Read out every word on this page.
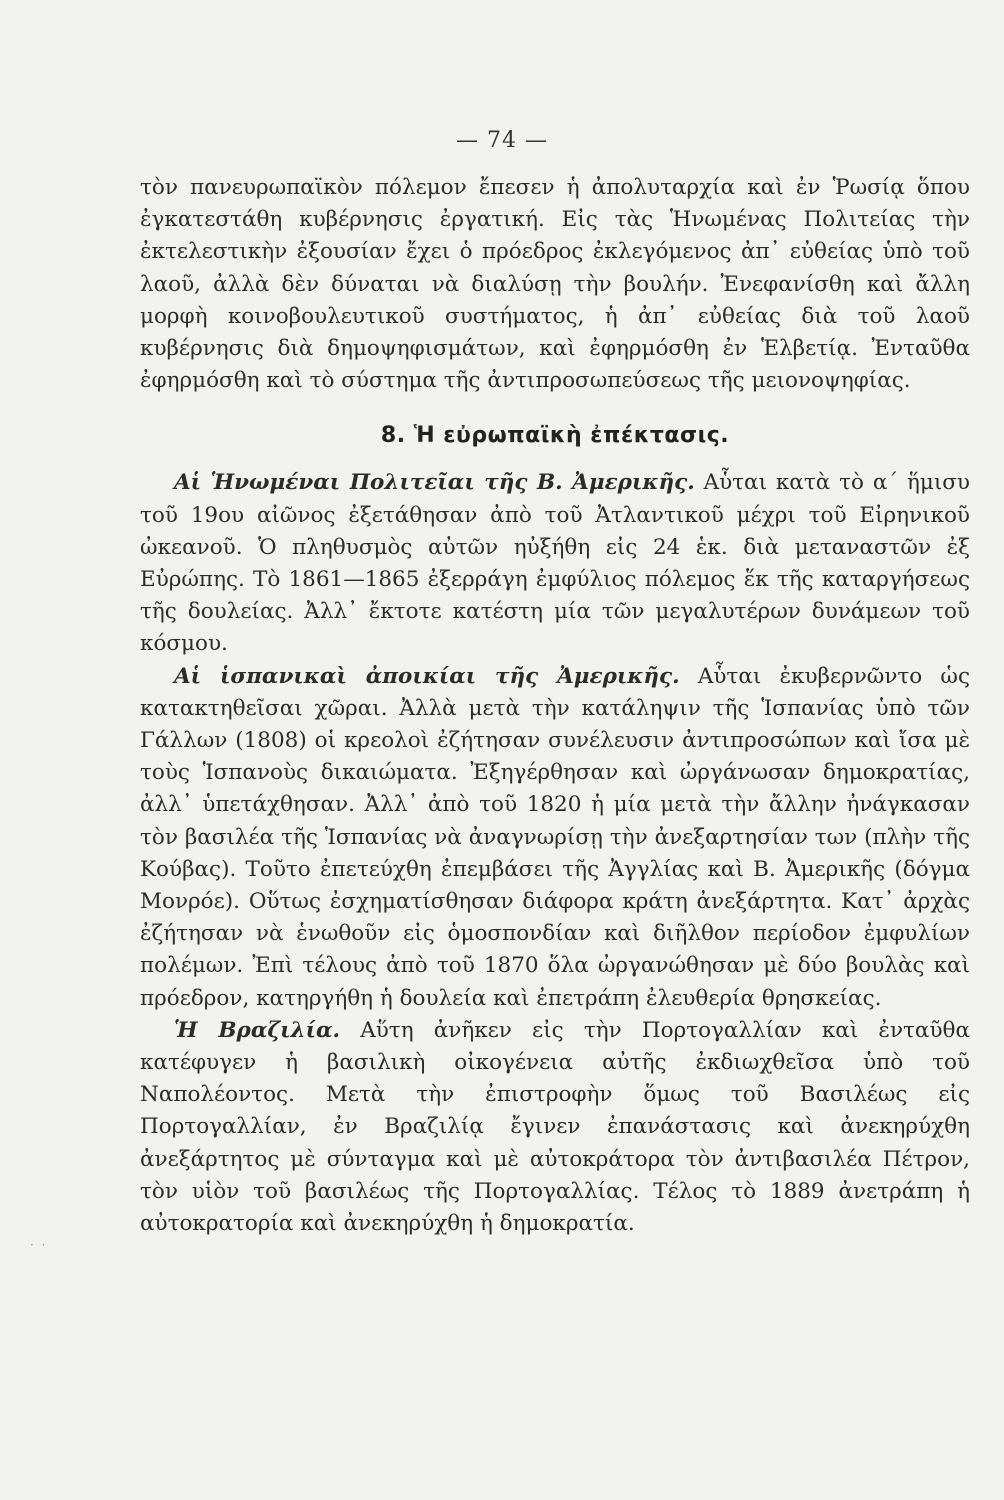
— 74 —

τὸν πανευρωπαϊκὸν πόλεμον ἔπεσεν ἡ ἀπολυταρχία καὶ ἐν Ῥωσίᾳ ὅπου ἐγκατεστάθη κυβέρνησις ἐργατική. Εἰς τὰς Ἡνωμένας Πολιτείας τὴν ἐκτελεστικὴν ἐξουσίαν ἔχει ὁ πρόεδρος ἐκλεγόμενος ἀπ᾽ εὐθείας ὑπὸ τοῦ λαοῦ, ἀλλὰ δὲν δύναται νὰ διαλύσῃ τὴν βουλήν. Ἐνεφανίσθη καὶ ἄλλη μορφὴ κοινοβουλευτικοῦ συστήματος, ἡ ἀπ᾽ εὐθείας διὰ τοῦ λαοῦ κυβέρνησις διὰ δημοψηφισμάτων, καὶ ἐφηρμόσθη ἐν Ἑλβετίᾳ. Ἐνταῦθα ἐφηρμόσθη καὶ τὸ σύστημα τῆς ἀντιπροσωπεύσεως τῆς μειονοψηφίας.

8. Ἡ εὐρωπαϊκὴ ἐπέκτασις.

Αἱ Ἡνωμέναι Πολιτεῖαι τῆς Β. Ἀμερικῆς. Αὗται κατὰ τὸ α´ ἥμισυ τοῦ 19ου αἰῶνος ἐξετάθησαν ἀπὸ τοῦ Ἀτλαντικοῦ μέχρι τοῦ Εἰρηνικοῦ ὠκεανοῦ. Ὁ πληθυσμὸς αὐτῶν ηὐξήθη εἰς 24 ἑκ. διὰ μεταναστῶν ἐξ Εὐρώπης. Τὸ 1861—1865 ἐξερράγη ἐμφύλιος πόλεμος ἕκ τῆς καταργήσεως τῆς δουλείας. Ἀλλ᾽ ἔκτοτε κατέστη μία τῶν μεγαλυτέρων δυνάμεων τοῦ κόσμου.

Αἱ ἱσπανικαὶ ἀποικίαι τῆς Ἀμερικῆς. Αὗται ἐκυβερνῶντο ὡς κατακτηθεῖσαι χῶραι. Ἀλλὰ μετὰ τὴν κατάληψιν τῆς Ἱσπανίας ὑπὸ τῶν Γάλλων (1808) οἱ κρεολοὶ ἐζήτησαν συνέλευσιν ἀντιπροσώπων καὶ ἴσα μὲ τοὺς Ἱσπανοὺς δικαιώματα. Ἐξηγέρθησαν καὶ ὠργάνωσαν δημοκρατίας, ἀλλ᾽ ὑπετάχθησαν. Ἀλλ᾽ ἀπὸ τοῦ 1820 ἡ μία μετὰ τὴν ἄλλην ἠνάγκασαν τὸν βασιλέα τῆς Ἱσπανίας νὰ ἀναγνωρίσῃ τὴν ἀνεξαρτησίαν των (πλὴν τῆς Κούβας). Τοῦτο ἐπετεύχθη ἐπεμβάσει τῆς Ἀγγλίας καὶ Β. Ἀμερικῆς (δόγμα Μονρόε). Οὕτως ἐσχηματίσθησαν διάφορα κράτη ἀνεξάρτητα. Κατ᾽ ἀρχὰς ἐζήτησαν νὰ ἑνωθοῦν εἰς ὁμοσπονδίαν καὶ διῆλθον περίοδον ἐμφυλίων πολέμων. Ἐπὶ τέλους ἀπὸ τοῦ 1870 ὅλα ὠργανώθησαν μὲ δύο βουλὰς καὶ πρόεδρον, κατηργήθη ἡ δουλεία καὶ ἐπετράπη ἐλευθερία θρησκείας.

Ἡ Βραζιλία. Αὕτη ἀνῆκεν εἰς τὴν Πορτογαλλίαν καὶ ἐνταῦθα κατέφυγεν ἡ βασιλικὴ οἰκογένεια αὐτῆς ἐκδιωχθεῖσα ὑπὸ τοῦ Ναπολέοντος. Μετὰ τὴν ἐπιστροφὴν ὅμως τοῦ Βασιλέως εἰς Πορτογαλλίαν, ἐν Βραζιλίᾳ ἔγινεν ἐπανάστασις καὶ ἀνεκηρύχθη ἀνεξάρτητος μὲ σύνταγμα καὶ μὲ αὐτοκράτορα τὸν ἀντιβασιλέα Πέτρον, τὸν υἱὸν τοῦ βασιλέως τῆς Πορτογαλλίας. Τέλος τὸ 1889 ἀνετράπη ἡ αὐτοκρατορία καὶ ἀνεκηρύχθη ἡ δημοκρατία.

· ·
